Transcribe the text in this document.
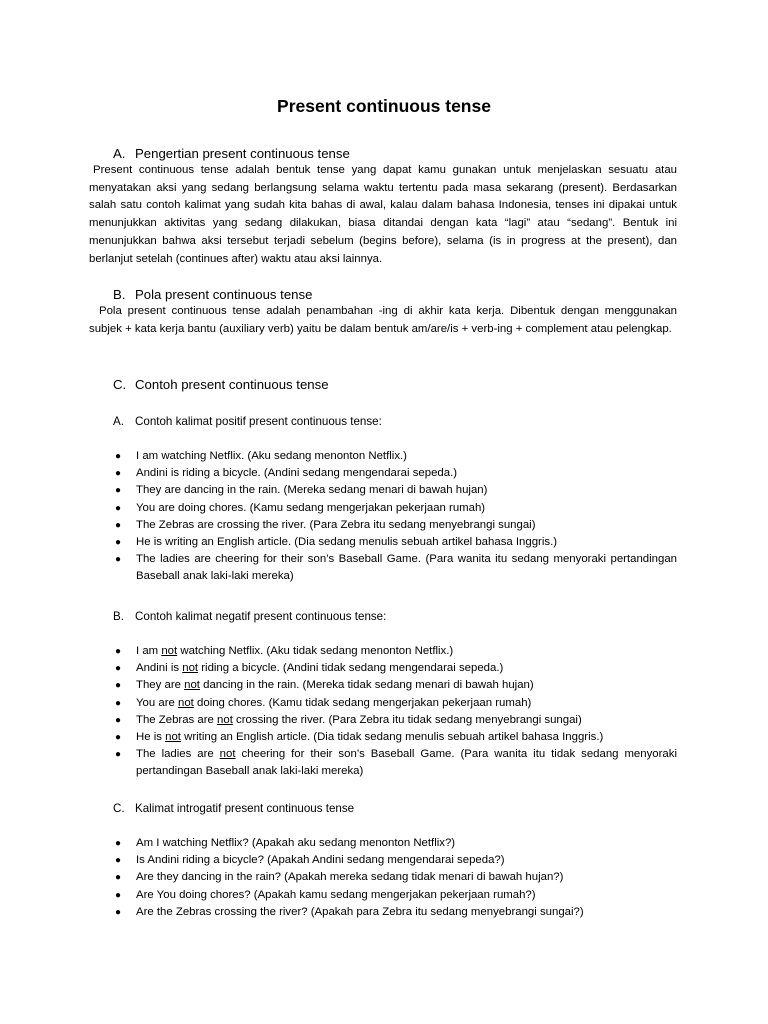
Present continuous tense
A. Pengertian present continuous tense
Present continuous tense adalah bentuk tense yang dapat kamu gunakan untuk menjelaskan sesuatu atau menyatakan aksi yang sedang berlangsung selama waktu tertentu pada masa sekarang (present). Berdasarkan salah satu contoh kalimat yang sudah kita bahas di awal, kalau dalam bahasa Indonesia, tenses ini dipakai untuk menunjukkan aktivitas yang sedang dilakukan, biasa ditandai dengan kata “lagi” atau “sedang”. Bentuk ini menunjukkan bahwa aksi tersebut terjadi sebelum (begins before), selama (is in progress at the present), dan berlanjut setelah (continues after) waktu atau aksi lainnya.
B. Pola present continuous tense
Pola present continuous tense adalah penambahan -ing di akhir kata kerja. Dibentuk dengan menggunakan subjek + kata kerja bantu (auxiliary verb) yaitu be dalam bentuk am/are/is + verb-ing + complement atau pelengkap.
C. Contoh present continuous tense
A. Contoh kalimat positif present continuous tense:
● I am watching Netflix. (Aku sedang menonton Netflix.)
● Andini is riding a bicycle. (Andini sedang mengendarai sepeda.)
● They are dancing in the rain. (Mereka sedang menari di bawah hujan)
● You are doing chores. (Kamu sedang mengerjakan pekerjaan rumah)
● The Zebras are crossing the river. (Para Zebra itu sedang menyebrangi sungai)
● He is writing an English article. (Dia sedang menulis sebuah artikel bahasa Inggris.)
● The ladies are cheering for their son’s Baseball Game. (Para wanita itu sedang menyoraki pertandingan Baseball anak laki-laki mereka)
B. Contoh kalimat negatif present continuous tense:
● I am not watching Netflix. (Aku tidak sedang menonton Netflix.)
● Andini is not riding a bicycle. (Andini tidak sedang mengendarai sepeda.)
● They are not dancing in the rain. (Mereka tidak sedang menari di bawah hujan)
● You are not doing chores. (Kamu tidak sedang mengerjakan pekerjaan rumah)
● The Zebras are not crossing the river. (Para Zebra itu tidak sedang menyebrangi sungai)
● He is not writing an English article. (Dia tidak sedang menulis sebuah artikel bahasa Inggris.)
● The ladies are not cheering for their son’s Baseball Game. (Para wanita itu tidak sedang menyoraki pertandingan Baseball anak laki-laki mereka)
C. Kalimat introgatif present continuous tense
● Am I watching Netflix? (Apakah aku sedang menonton Netflix?)
● Is Andini riding a bicycle? (Apakah Andini sedang mengendarai sepeda?)
● Are they dancing in the rain? (Apakah mereka sedang tidak menari di bawah hujan?)
● Are You doing chores? (Apakah kamu sedang mengerjakan pekerjaan rumah?)
● Are the Zebras crossing the river? (Apakah para Zebra itu sedang menyebrangi sungai?)
